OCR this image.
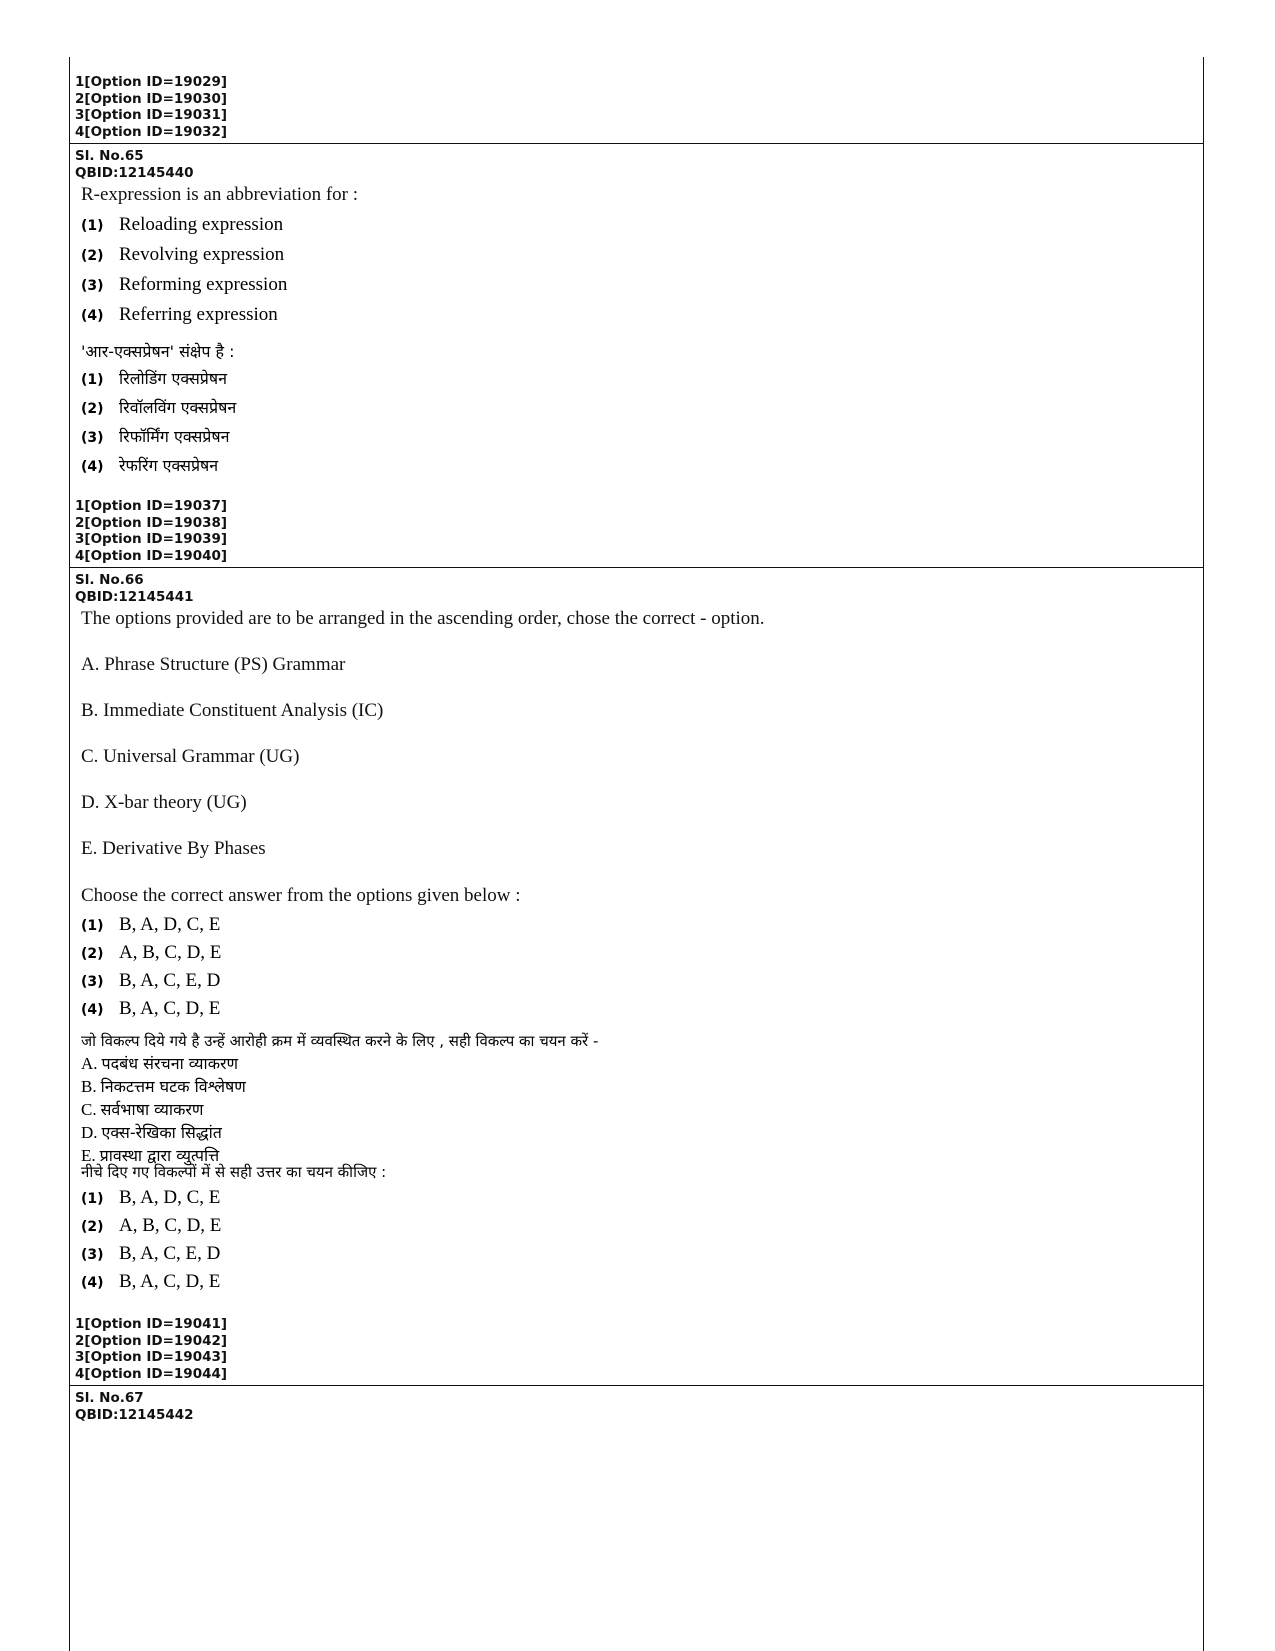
1[Option ID=19029]
2[Option ID=19030]
3[Option ID=19031]
4[Option ID=19032]
Sl. No.65
QBID:12145440
R-expression is an abbreviation for :
(1) Reloading expression
(2) Revolving expression
(3) Reforming expression
(4) Referring expression
'आर-एक्सप्रेषन' संक्षेप है :
(1) रिलोडिंग एक्सप्रेषन
(2) रिवॉलविंग एक्सप्रेषन
(3) रिफॉर्मिंग एक्सप्रेषन
(4) रेफरिंग एक्सप्रेषन
1[Option ID=19037]
2[Option ID=19038]
3[Option ID=19039]
4[Option ID=19040]
Sl. No.66
QBID:12145441
The options provided are to be arranged in the ascending order, chose the correct - option.
A. Phrase Structure (PS) Grammar
B. Immediate Constituent Analysis (IC)
C. Universal Grammar (UG)
D. X-bar theory (UG)
E. Derivative By Phases
Choose the correct answer from the options given below :
(1) B, A, D, C, E
(2) A, B, C, D, E
(3) B, A, C, E, D
(4) B, A, C, D, E
जो विकल्प दिये गये है उन्हें आरोही क्रम में व्यवस्थित करने के लिए , सही विकल्प का चयन करें -
A. पदबंध संरचना व्याकरण
B. निकटत्तम घटक विश्लेषण
C. सर्वभाषा व्याकरण
D. एक्स-रेखिका सिद्धांत
E. प्रावस्था द्वारा व्युत्पत्ति
नीचे दिए गए विकल्पों में से सही उत्तर का चयन कीजिए :
(1) B, A, D, C, E
(2) A, B, C, D, E
(3) B, A, C, E, D
(4) B, A, C, D, E
1[Option ID=19041]
2[Option ID=19042]
3[Option ID=19043]
4[Option ID=19044]
Sl. No.67
QBID:12145442
